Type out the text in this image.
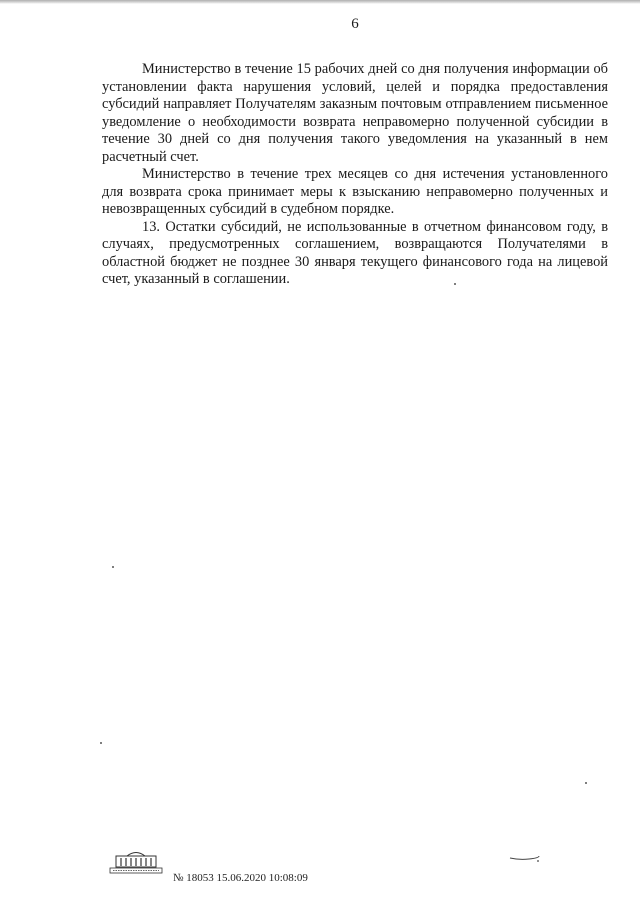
6

Министерство в течение 15 рабочих дней со дня получения информации об установлении факта нарушения условий, целей и порядка предоставления субсидий направляет Получателям заказным почтовым отправлением письменное уведомление о необходимости возврата неправомерно полученной субсидии в течение 30 дней со дня получения такого уведомления на указанный в нем расчетный счет.

Министерство в течение трех месяцев со дня истечения установленного для возврата срока принимает меры к взысканию неправомерно полученных и невозвращенных субсидий в судебном порядке.

13. Остатки субсидий, не использованные в отчетном финансовом году, в случаях, предусмотренных соглашением, возвращаются Получателями в областной бюджет не позднее 30 января текущего финансового года на лицевой счет, указанный в соглашении.

№ 18053 15.06.2020 10:08:09
